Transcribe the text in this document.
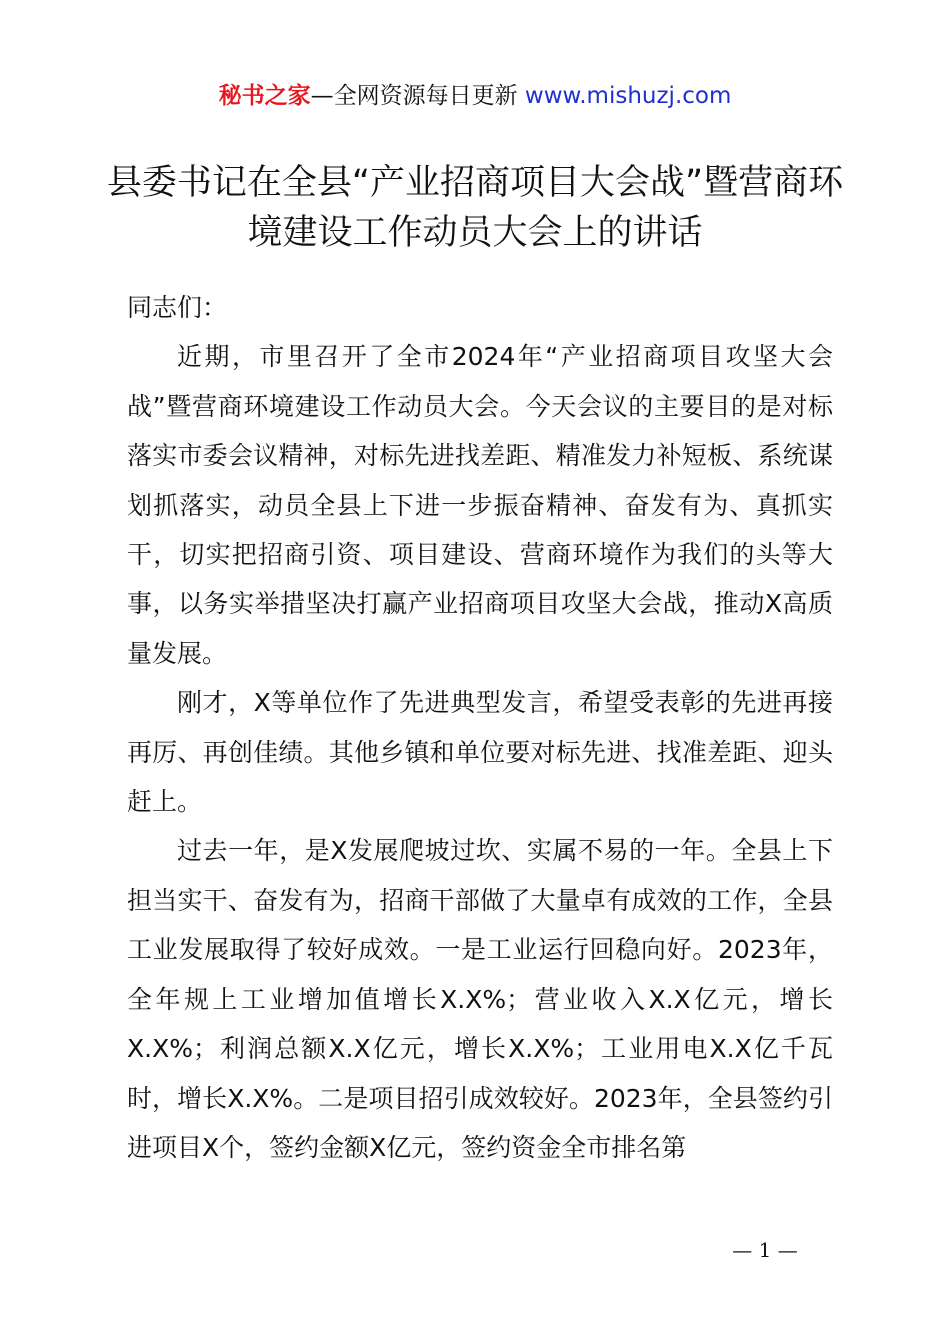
秘书之家—全网资源每日更新 www.mishuzj.com
县委书记在全县“产业招商项目大会战”暨营商环境建设工作动员大会上的讲话

同志们：

近期，市里召开了全市2024年“产业招商项目攻坚大会战”暨营商环境建设工作动员大会。今天会议的主要目的是对标落实市委会议精神，对标先进找差距、精准发力补短板、系统谋划抓落实，动员全县上下进一步振奋精神、奋发有为、真抓实干，切实把招商引资、项目建设、营商环境作为我们的头等大事，以务实举措坚决打赢产业招商项目攻坚大会战，推动X高质量发展。

刚才，X等单位作了先进典型发言，希望受表彰的先进再接再厉、再创佳绩。其他乡镇和单位要对标先进、找准差距、迎头赶上。

过去一年，是X发展爬坡过坎、实属不易的一年。全县上下担当实干、奋发有为，招商干部做了大量卓有成效的工作，全县工业发展取得了较好成效。一是工业运行回稳向好。2023年，全年规上工业增加值增长X.X%；营业收入X.X亿元，增长X.X%；利润总额X.X亿元，增长X.X%；工业用电X.X亿千瓦时，增长X.X%。二是项目招引成效较好。2023年，全县签约引进项目X个，签约金额X亿元，签约资金全市排名第

— 1 —
